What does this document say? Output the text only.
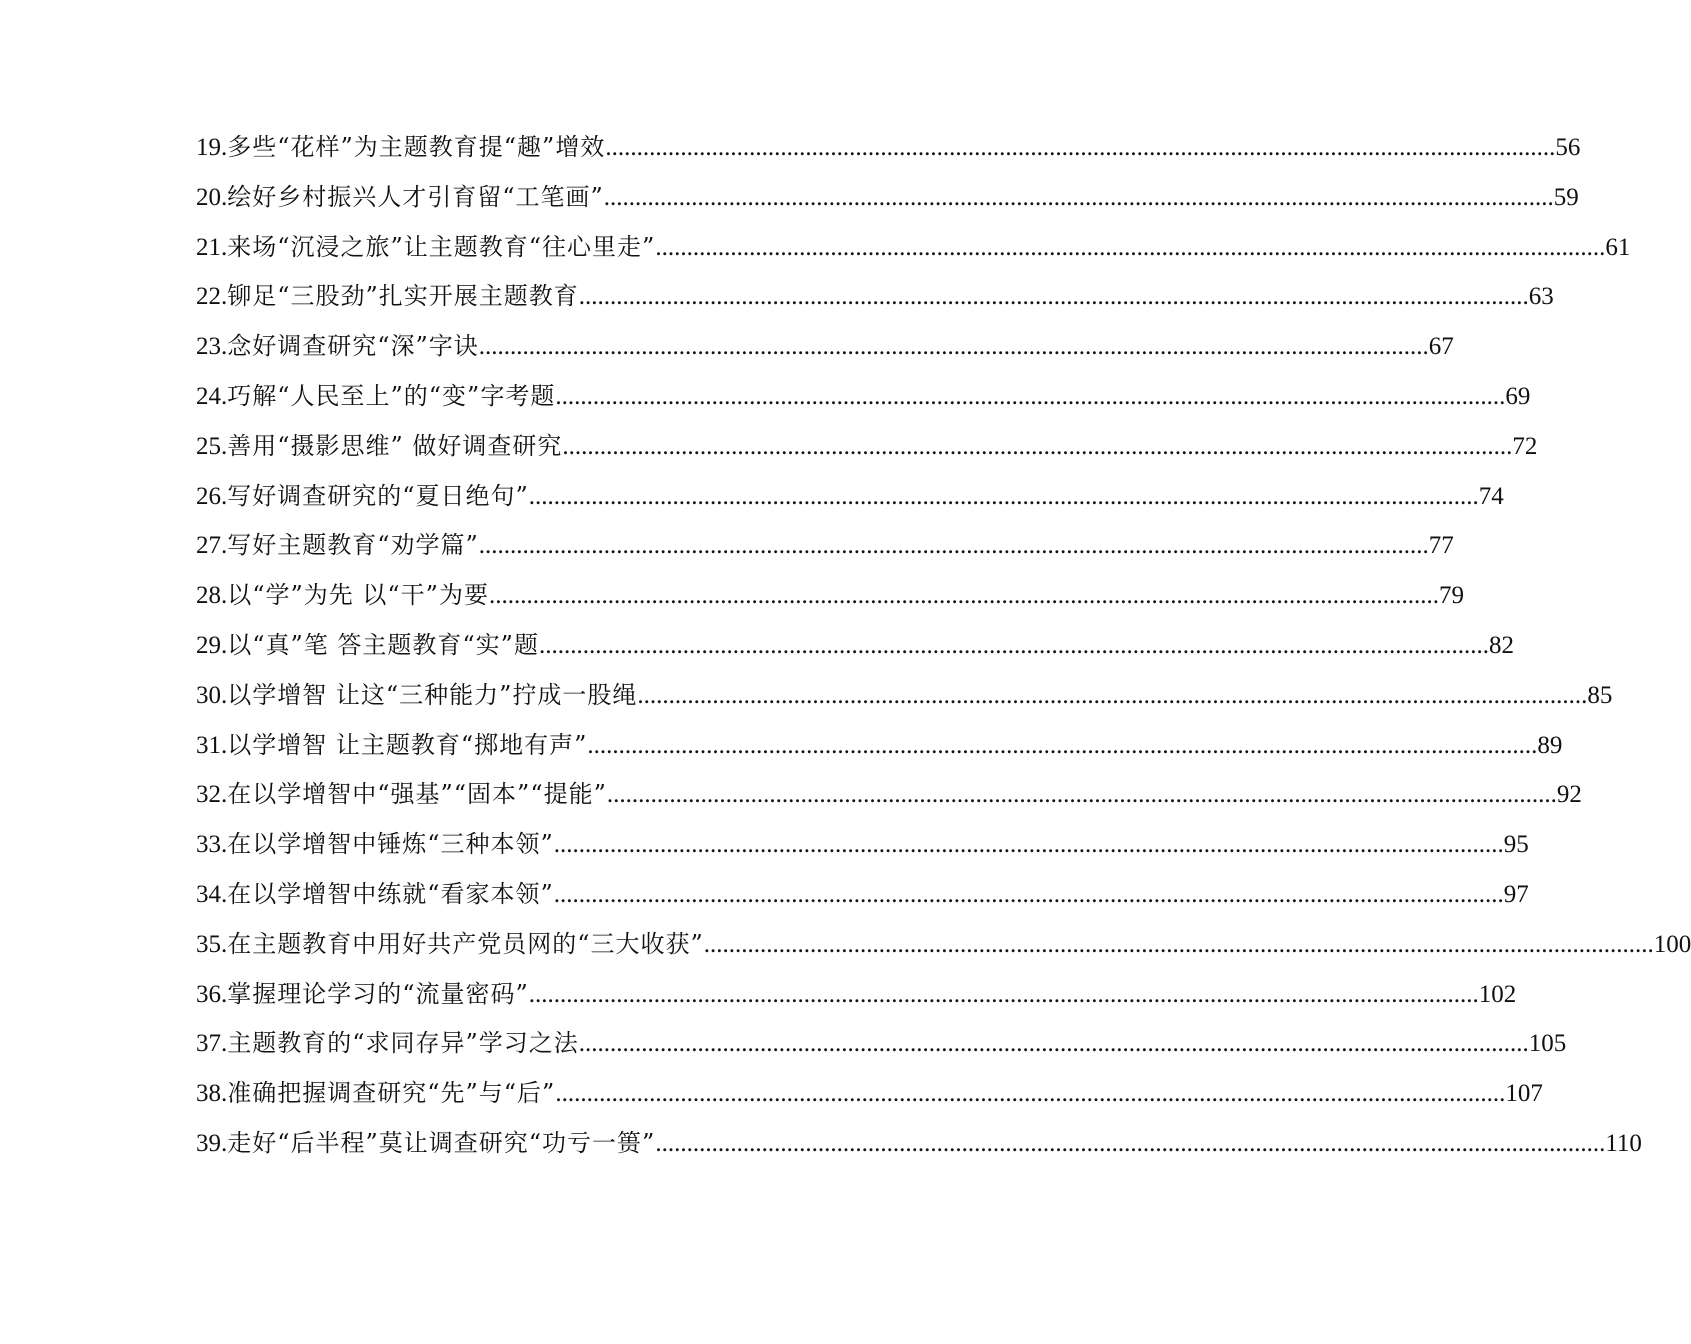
19. 多些“花样”为主题教育提“趣”增效 .....	56
20. 绘好乡村振兴人才引育留“工笔画” .....	59
21. 来场“沉浸之旅”让主题教育“往心里走” .....	61
22. 铆足“三股劲”扎实开展主题教育 .....	63
23. 念好调查研究“深”字诀 .....	67
24. 巧解“人民至上”的“变”字考题 .....	69
25. 善用“摄影思维” 做好调查研究 .....	72
26. 写好调查研究的“夏日绝句” .....	74
27. 写好主题教育“劝学篇” .....	77
28. 以“学”为先 以“干”为要 .....	79
29. 以“真”笔 答主题教育“实”题 .....	82
30. 以学增智 让这“三种能力”拧成一股绳 .....	85
31. 以学增智 让主题教育“掷地有声” .....	89
32. 在以学增智中“强基”“固本”“提能” .....	92
33. 在以学增智中锤炼“三种本领” .....	95
34. 在以学增智中练就“看家本领” .....	97
35. 在主题教育中用好共产党员网的“三大收获” .....	100
36. 掌握理论学习的“流量密码” .....	102
37. 主题教育的“求同存异”学习之法 .....	105
38. 准确把握调查研究“先”与“后” .....	107
39. 走好“后半程”莫让调查研究“功亏一篑” .....	110
